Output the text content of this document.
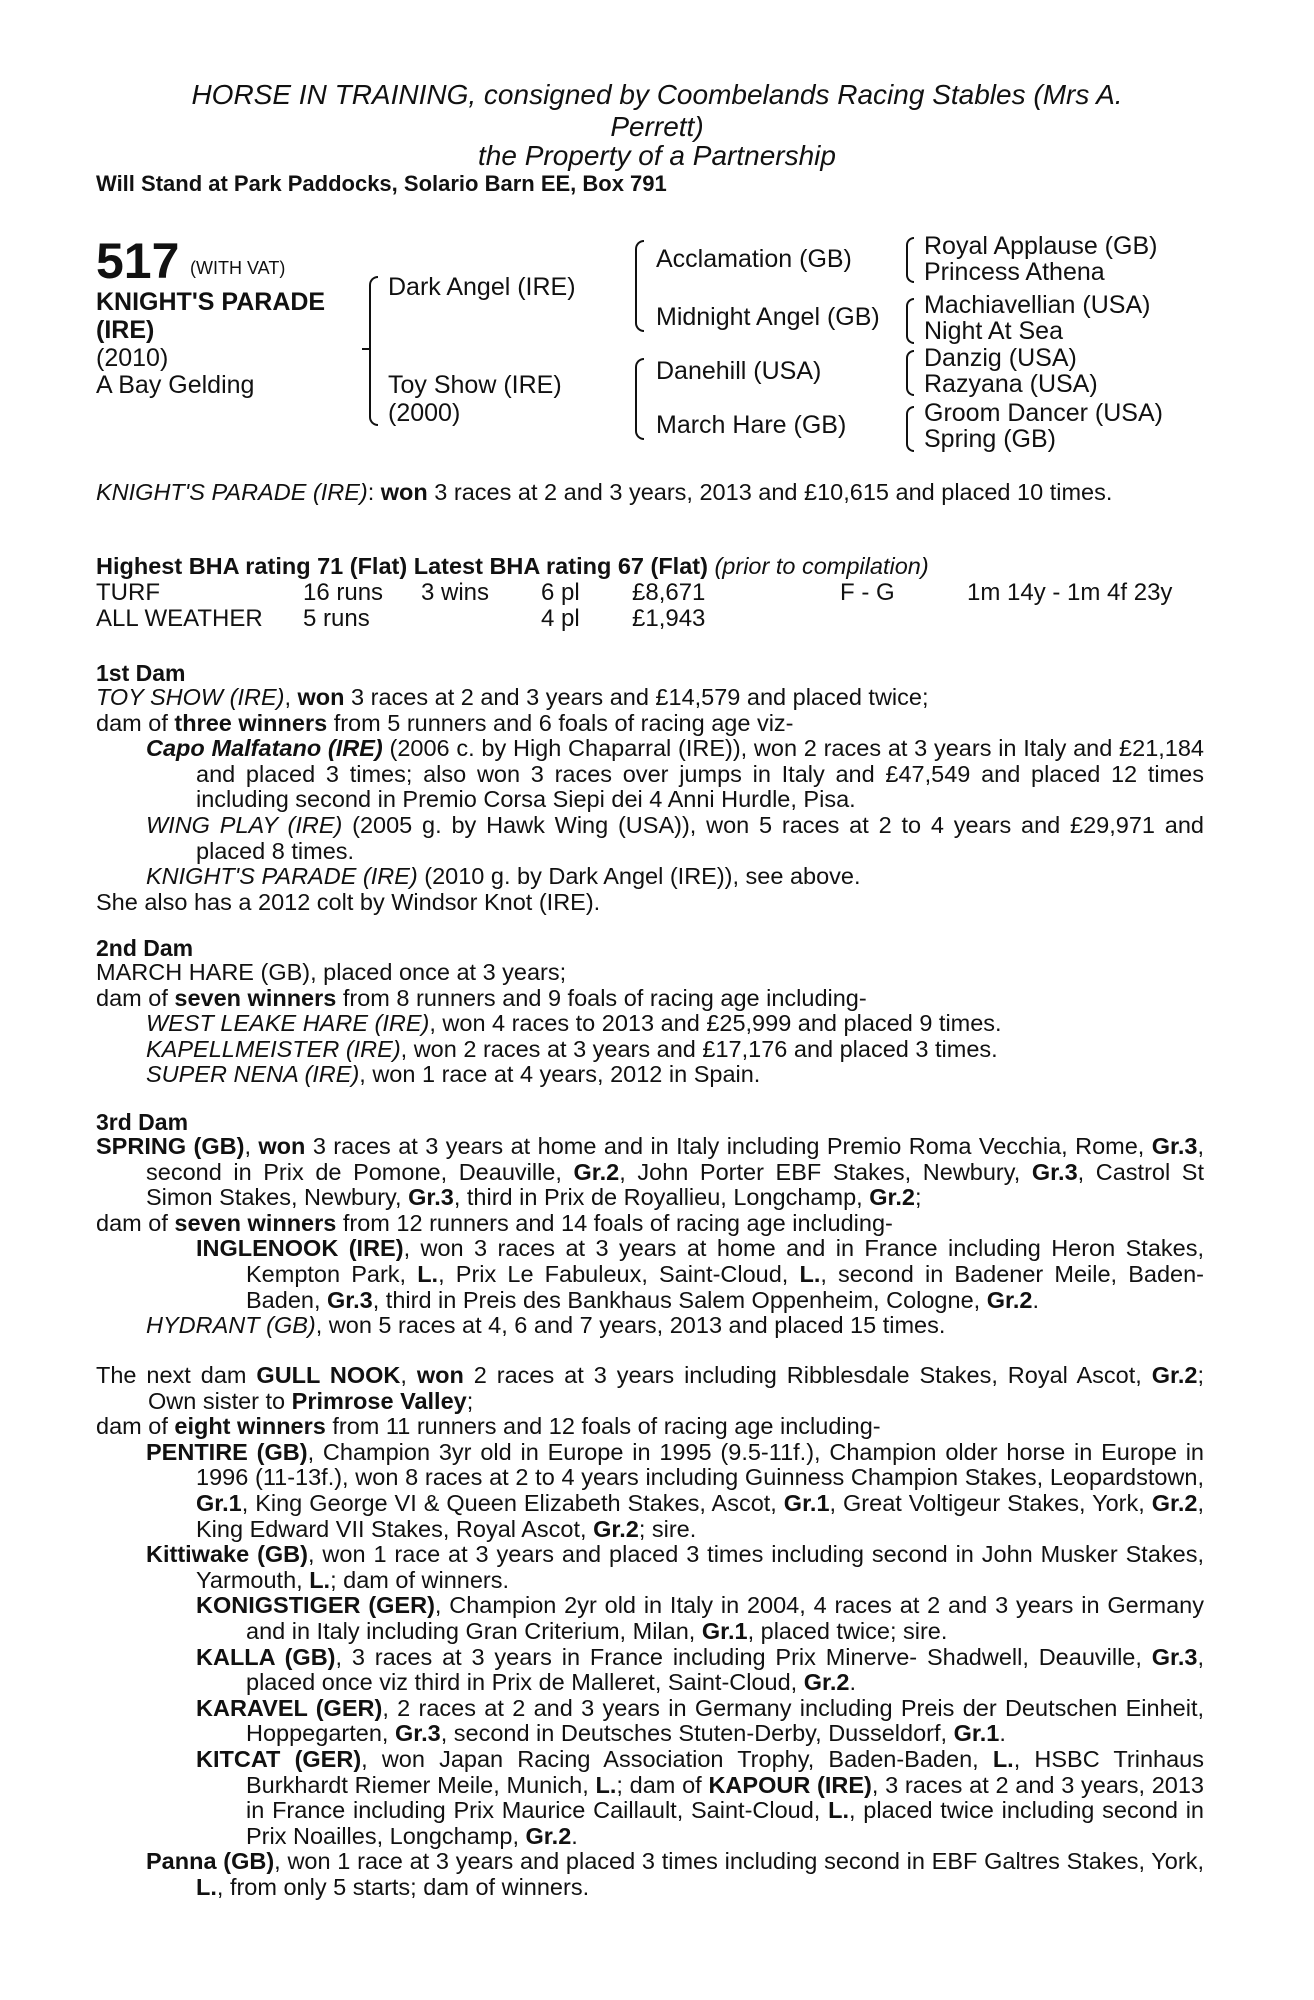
HORSE IN TRAINING, consigned by Coombelands Racing Stables (Mrs A.
Perrett)
the Property of a Partnership
Will Stand at Park Paddocks, Solario Barn EE, Box 791
517 (WITH VAT)
KNIGHT'S PARADE
(IRE)
(2010)
A Bay Gelding
Dark Angel (IRE)
Toy Show (IRE)
(2000)
Acclamation (GB)
Midnight Angel (GB)
Danehill (USA)
March Hare (GB)
Royal Applause (GB)
Princess Athena
Machiavellian (USA)
Night At Sea
Danzig (USA)
Razyana (USA)
Groom Dancer (USA)
Spring (GB)
KNIGHT'S PARADE (IRE): won 3 races at 2 and 3 years, 2013 and £10,615 and placed 10 times.
Highest BHA rating 71 (Flat) Latest BHA rating 67 (Flat) (prior to compilation)
TURF	16 runs 3 wins 6 pl £8,671	F - G	1m 14y - 1m 4f 23y
ALL WEATHER 5 runs	4 pl £1,943
1st Dam
TOY SHOW (IRE), won 3 races at 2 and 3 years and £14,579 and placed twice;
dam of three winners from 5 runners and 6 foals of racing age viz-
Capo Malfatano (IRE) (2006 c. by High Chaparral (IRE)), won 2 races at 3 years in Italy and £21,184 and placed 3 times; also won 3 races over jumps in Italy and £47,549 and placed 12 times including second in Premio Corsa Siepi dei 4 Anni Hurdle, Pisa.
WING PLAY (IRE) (2005 g. by Hawk Wing (USA)), won 5 races at 2 to 4 years and £29,971 and placed 8 times.
KNIGHT'S PARADE (IRE) (2010 g. by Dark Angel (IRE)), see above.
She also has a 2012 colt by Windsor Knot (IRE).
2nd Dam
MARCH HARE (GB), placed once at 3 years;
dam of seven winners from 8 runners and 9 foals of racing age including-
WEST LEAKE HARE (IRE), won 4 races to 2013 and £25,999 and placed 9 times.
KAPELLMEISTER (IRE), won 2 races at 3 years and £17,176 and placed 3 times.
SUPER NENA (IRE), won 1 race at 4 years, 2012 in Spain.
3rd Dam
SPRING (GB), won 3 races at 3 years at home and in Italy including Premio Roma Vecchia, Rome, Gr.3, second in Prix de Pomone, Deauville, Gr.2, John Porter EBF Stakes, Newbury, Gr.3, Castrol St Simon Stakes, Newbury, Gr.3, third in Prix de Royallieu, Longchamp, Gr.2;
dam of seven winners from 12 runners and 14 foals of racing age including-
INGLENOOK (IRE), won 3 races at 3 years at home and in France including Heron Stakes, Kempton Park, L., Prix Le Fabuleux, Saint-Cloud, L., second in Badener Meile, Baden-Baden, Gr.3, third in Preis des Bankhaus Salem Oppenheim, Cologne, Gr.2.
HYDRANT (GB), won 5 races at 4, 6 and 7 years, 2013 and placed 15 times.
The next dam GULL NOOK, won 2 races at 3 years including Ribblesdale Stakes, Royal Ascot, Gr.2; Own sister to Primrose Valley;
dam of eight winners from 11 runners and 12 foals of racing age including-
PENTIRE (GB), Champion 3yr old in Europe in 1995 (9.5-11f.), Champion older horse in Europe in 1996 (11-13f.), won 8 races at 2 to 4 years including Guinness Champion Stakes, Leopardstown, Gr.1, King George VI & Queen Elizabeth Stakes, Ascot, Gr.1, Great Voltigeur Stakes, York, Gr.2, King Edward VII Stakes, Royal Ascot, Gr.2; sire.
Kittiwake (GB), won 1 race at 3 years and placed 3 times including second in John Musker Stakes, Yarmouth, L.; dam of winners.
KONIGSTIGER (GER), Champion 2yr old in Italy in 2004, 4 races at 2 and 3 years in Germany and in Italy including Gran Criterium, Milan, Gr.1, placed twice; sire.
KALLA (GB), 3 races at 3 years in France including Prix Minerve- Shadwell, Deauville, Gr.3, placed once viz third in Prix de Malleret, Saint-Cloud, Gr.2.
KARAVEL (GER), 2 races at 2 and 3 years in Germany including Preis der Deutschen Einheit, Hoppegarten, Gr.3, second in Deutsches Stuten-Derby, Dusseldorf, Gr.1.
KITCAT (GER), won Japan Racing Association Trophy, Baden-Baden, L., HSBC Trinhaus Burkhardt Riemer Meile, Munich, L.; dam of KAPOUR (IRE), 3 races at 2 and 3 years, 2013 in France including Prix Maurice Caillault, Saint-Cloud, L., placed twice including second in Prix Noailles, Longchamp, Gr.2.
Panna (GB), won 1 race at 3 years and placed 3 times including second in EBF Galtres Stakes, York, L., from only 5 starts; dam of winners.
